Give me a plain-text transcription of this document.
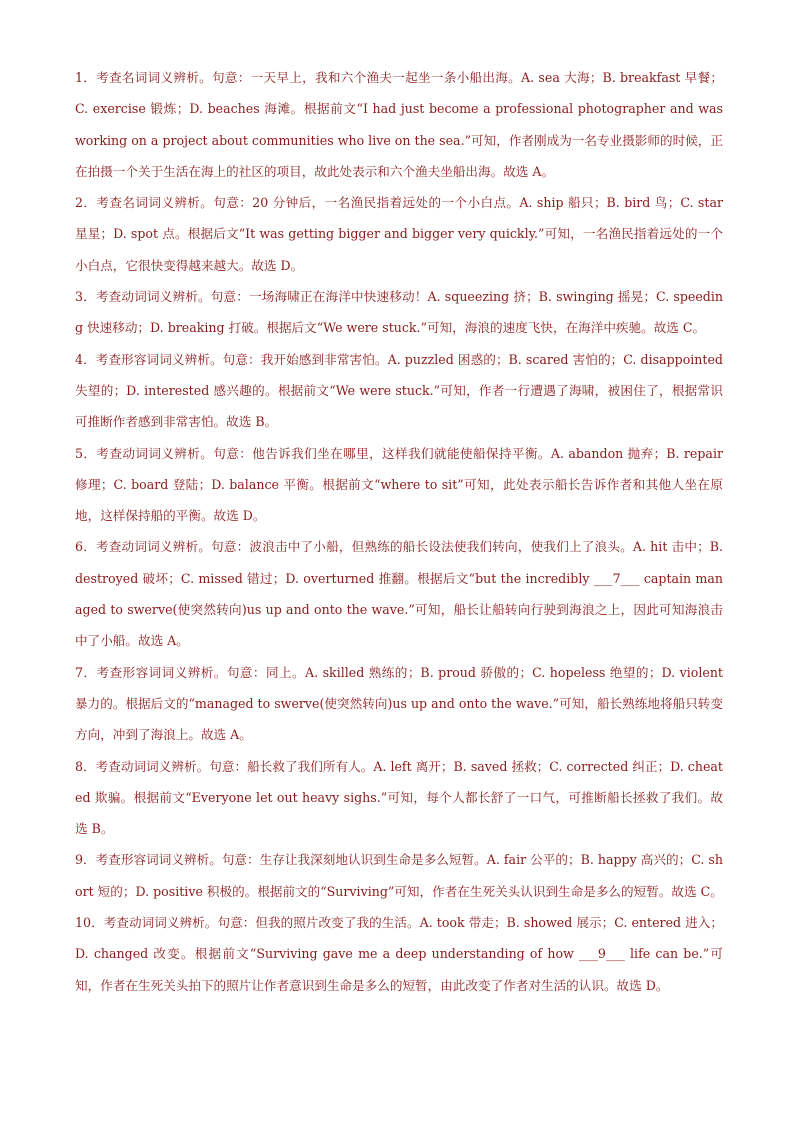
1．考查名词词义辨析。句意：一天早上，我和六个渔夫一起坐一条小船出海。A. sea 大海；B. breakfast 早餐；C. exercise 锻炼；D. beaches 海滩。根据前文“I had just become a professional photographer and was working on a project about communities who live on the sea.”可知，作者刚成为一名专业摄影师的时候，正在拍摄一个关于生活在海上的社区的项目，故此处表示和六个渔夫坐船出海。故选 A。

2．考查名词词义辨析。句意：20 分钟后，一名渔民指着远处的一个小白点。A. ship 船只；B. bird 鸟；C. star 星星；D. spot 点。根据后文“It was getting bigger and bigger very quickly.”可知，一名渔民指着远处的一个小白点，它很快变得越来越大。故选 D。

3．考查动词词义辨析。句意：一场海啸正在海洋中快速移动！A. squeezing 挤；B. swinging 摇晃；C. speeding 快速移动；D. breaking 打破。根据后文“We were stuck.”可知，海浪的速度飞快，在海洋中疾驰。故选 C。

4．考查形容词词义辨析。句意：我开始感到非常害怕。A. puzzled 困惑的；B. scared 害怕的；C. disappointed 失望的；D. interested 感兴趣的。根据前文“We were stuck.”可知，作者一行遭遇了海啸，被困住了，根据常识可推断作者感到非常害怕。故选 B。

5．考查动词词义辨析。句意：他告诉我们坐在哪里，这样我们就能使船保持平衡。A. abandon 抛弃；B. repair 修理；C. board 登陆；D. balance 平衡。根据前文“where to sit”可知，此处表示船长告诉作者和其他人坐在原地，这样保持船的平衡。故选 D。

6．考查动词词义辨析。句意：波浪击中了小船，但熟练的船长设法使我们转向，使我们上了浪头。A. hit 击中；B. destroyed 破坏；C. missed 错过；D. overturned 推翻。根据后文“but the incredibly ___7___ captain managed to swerve(使突然转向)us up and onto the wave.”可知，船长让船转向行驶到海浪之上，因此可知海浪击中了小船。故选 A。

7．考查形容词词义辨析。句意：同上。A. skilled 熟练的；B. proud 骄傲的；C. hopeless 绝望的；D. violent 暴力的。根据后文的“managed to swerve(使突然转向)us up and onto the wave.”可知，船长熟练地将船只转变方向，冲到了海浪上。故选 A。

8．考查动词词义辨析。句意：船长救了我们所有人。A. left 离开；B. saved 拯救；C. corrected 纠正；D. cheated 欺骗。根据前文“Everyone let out heavy sighs.”可知，每个人都长舒了一口气，可推断船长拯救了我们。故选 B。

9．考查形容词词义辨析。句意：生存让我深刻地认识到生命是多么短暂。A. fair 公平的；B. happy 高兴的；C. short 短的；D. positive 积极的。根据前文的“Surviving”可知，作者在生死关头认识到生命是多么的短暂。故选 C。

10．考查动词词义辨析。句意：但我的照片改变了我的生活。A. took 带走；B. showed 展示；C. entered 进入；D. changed 改变。根据前文“Surviving gave me a deep understanding of how ___9___ life can be.”可知，作者在生死关头拍下的照片让作者意识到生命是多么的短暂，由此改变了作者对生活的认识。故选 D。
